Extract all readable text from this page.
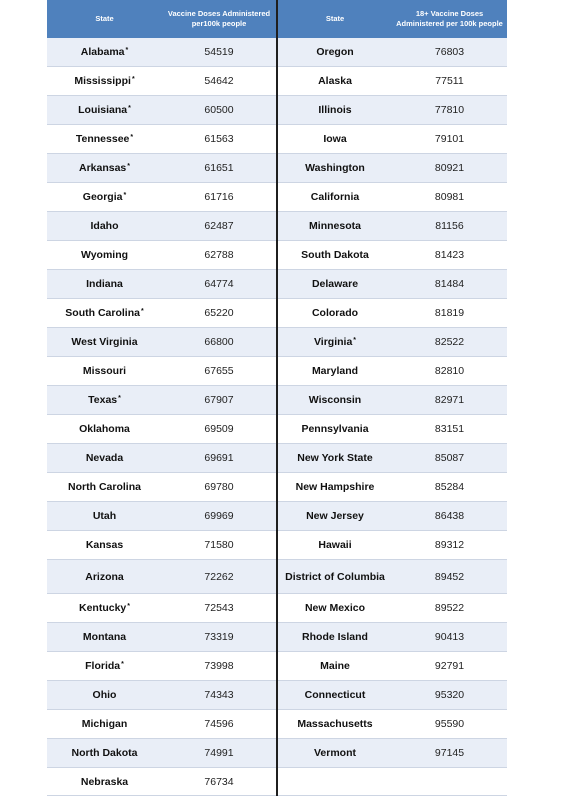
State	Vaccine Doses Administered per100k people	State	18+ Vaccine Doses Administered per 100k people
Alabama*	54519	Oregon	76803
Mississippi*	54642	Alaska	77511
Louisiana*	60500	Illinois	77810
Tennessee*	61563	Iowa	79101
Arkansas*	61651	Washington	80921
Georgia*	61716	California	80981
Idaho	62487	Minnesota	81156
Wyoming	62788	South Dakota	81423
Indiana	64774	Delaware	81484
South Carolina*	65220	Colorado	81819
West Virginia	66800	Virginia*	82522
Missouri	67655	Maryland	82810
Texas*	67907	Wisconsin	82971
Oklahoma	69509	Pennsylvania	83151
Nevada	69691	New York State	85087
North Carolina	69780	New Hampshire	85284
Utah	69969	New Jersey	86438
Kansas	71580	Hawaii	89312
Arizona	72262	District of Columbia	89452
Kentucky*	72543	New Mexico	89522
Montana	73319	Rhode Island	90413
Florida*	73998	Maine	92791
Ohio	74343	Connecticut	95320
Michigan	74596	Massachusetts	95590
North Dakota	74991	Vermont	97145
Nebraska	76734		
